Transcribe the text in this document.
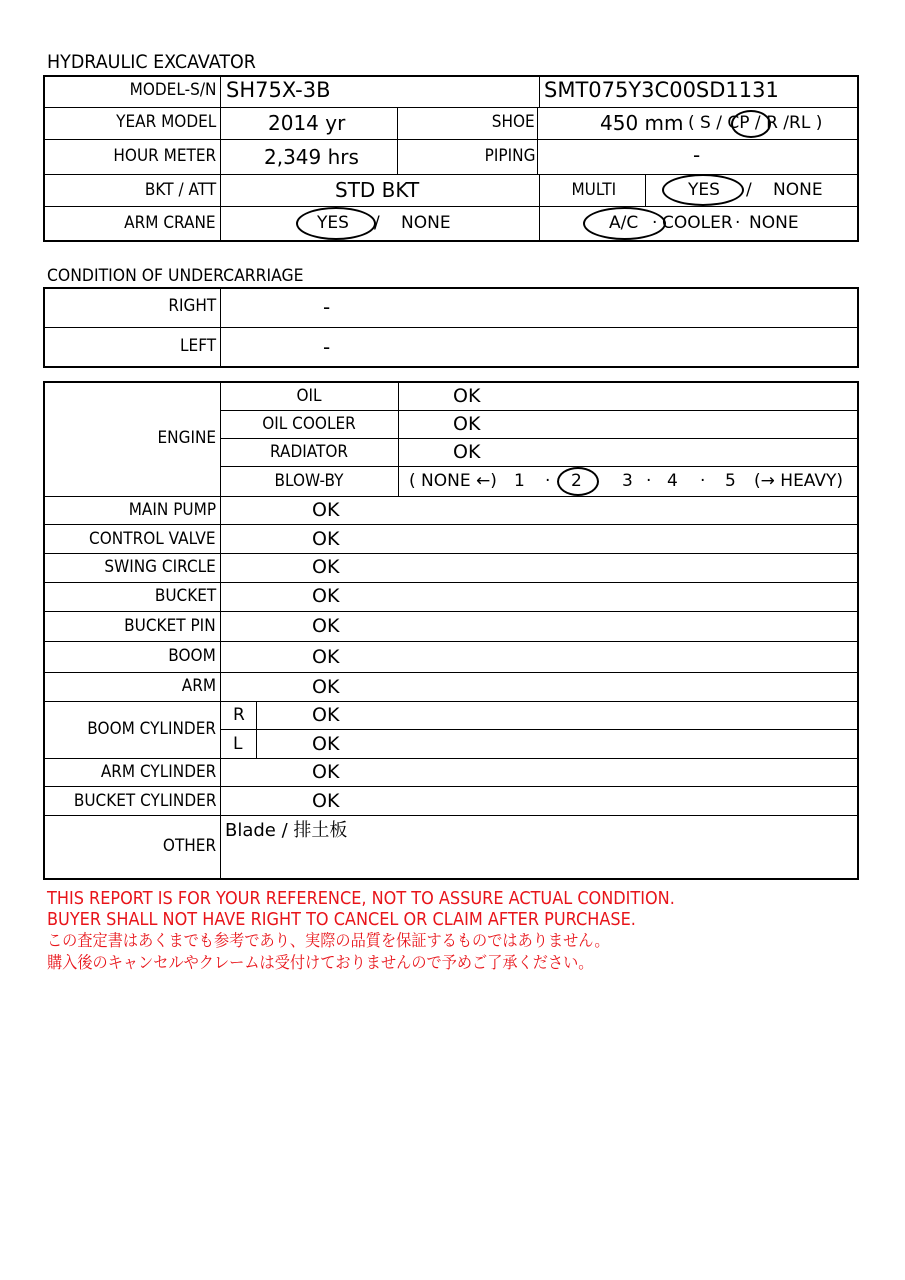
HYDRAULIC EXCAVATOR
MODEL-S/N SH75X-3B	SMT075Y3C00SD1131
YEAR MODEL	2014 yr	SHOE	450 mm ( S / CP / R /RL )
HOUR METER 2,349 hrs	PIPING	-
BKT / ATT	STD BKT	MULTI	YES / NONE
ARM CRANE	YES / NONE	A/C · COOLER · NONE
CONDITION OF UNDERCARRIAGE
RIGHT	-
LEFT	-
ENGINE
OIL	OK
OIL COOLER	OK
RADIATOR	OK
BLOW-BY	( NONE ←) 1 · 2 3 · 4 · 5 (→ HEAVY)
MAIN PUMP	OK
CONTROL VALVE	OK
SWING CIRCLE	OK
BUCKET	OK
BUCKET PIN	OK
BOOM	OK
ARM	OK
BOOM CYLINDER
R	OK
L	OK
ARM CYLINDER	OK
BUCKET CYLINDER	OK
OTHER
Blade / 排土板
THIS REPORT IS FOR YOUR REFERENCE, NOT TO ASSURE ACTUAL CONDITION.
BUYER SHALL NOT HAVE RIGHT TO CANCEL OR CLAIM AFTER PURCHASE.
この査定書はあくまでも参考であり、実際の品質を保証するものではありません。
購入後のキャンセルやクレームは受付けておりませんので予めご了承ください。
